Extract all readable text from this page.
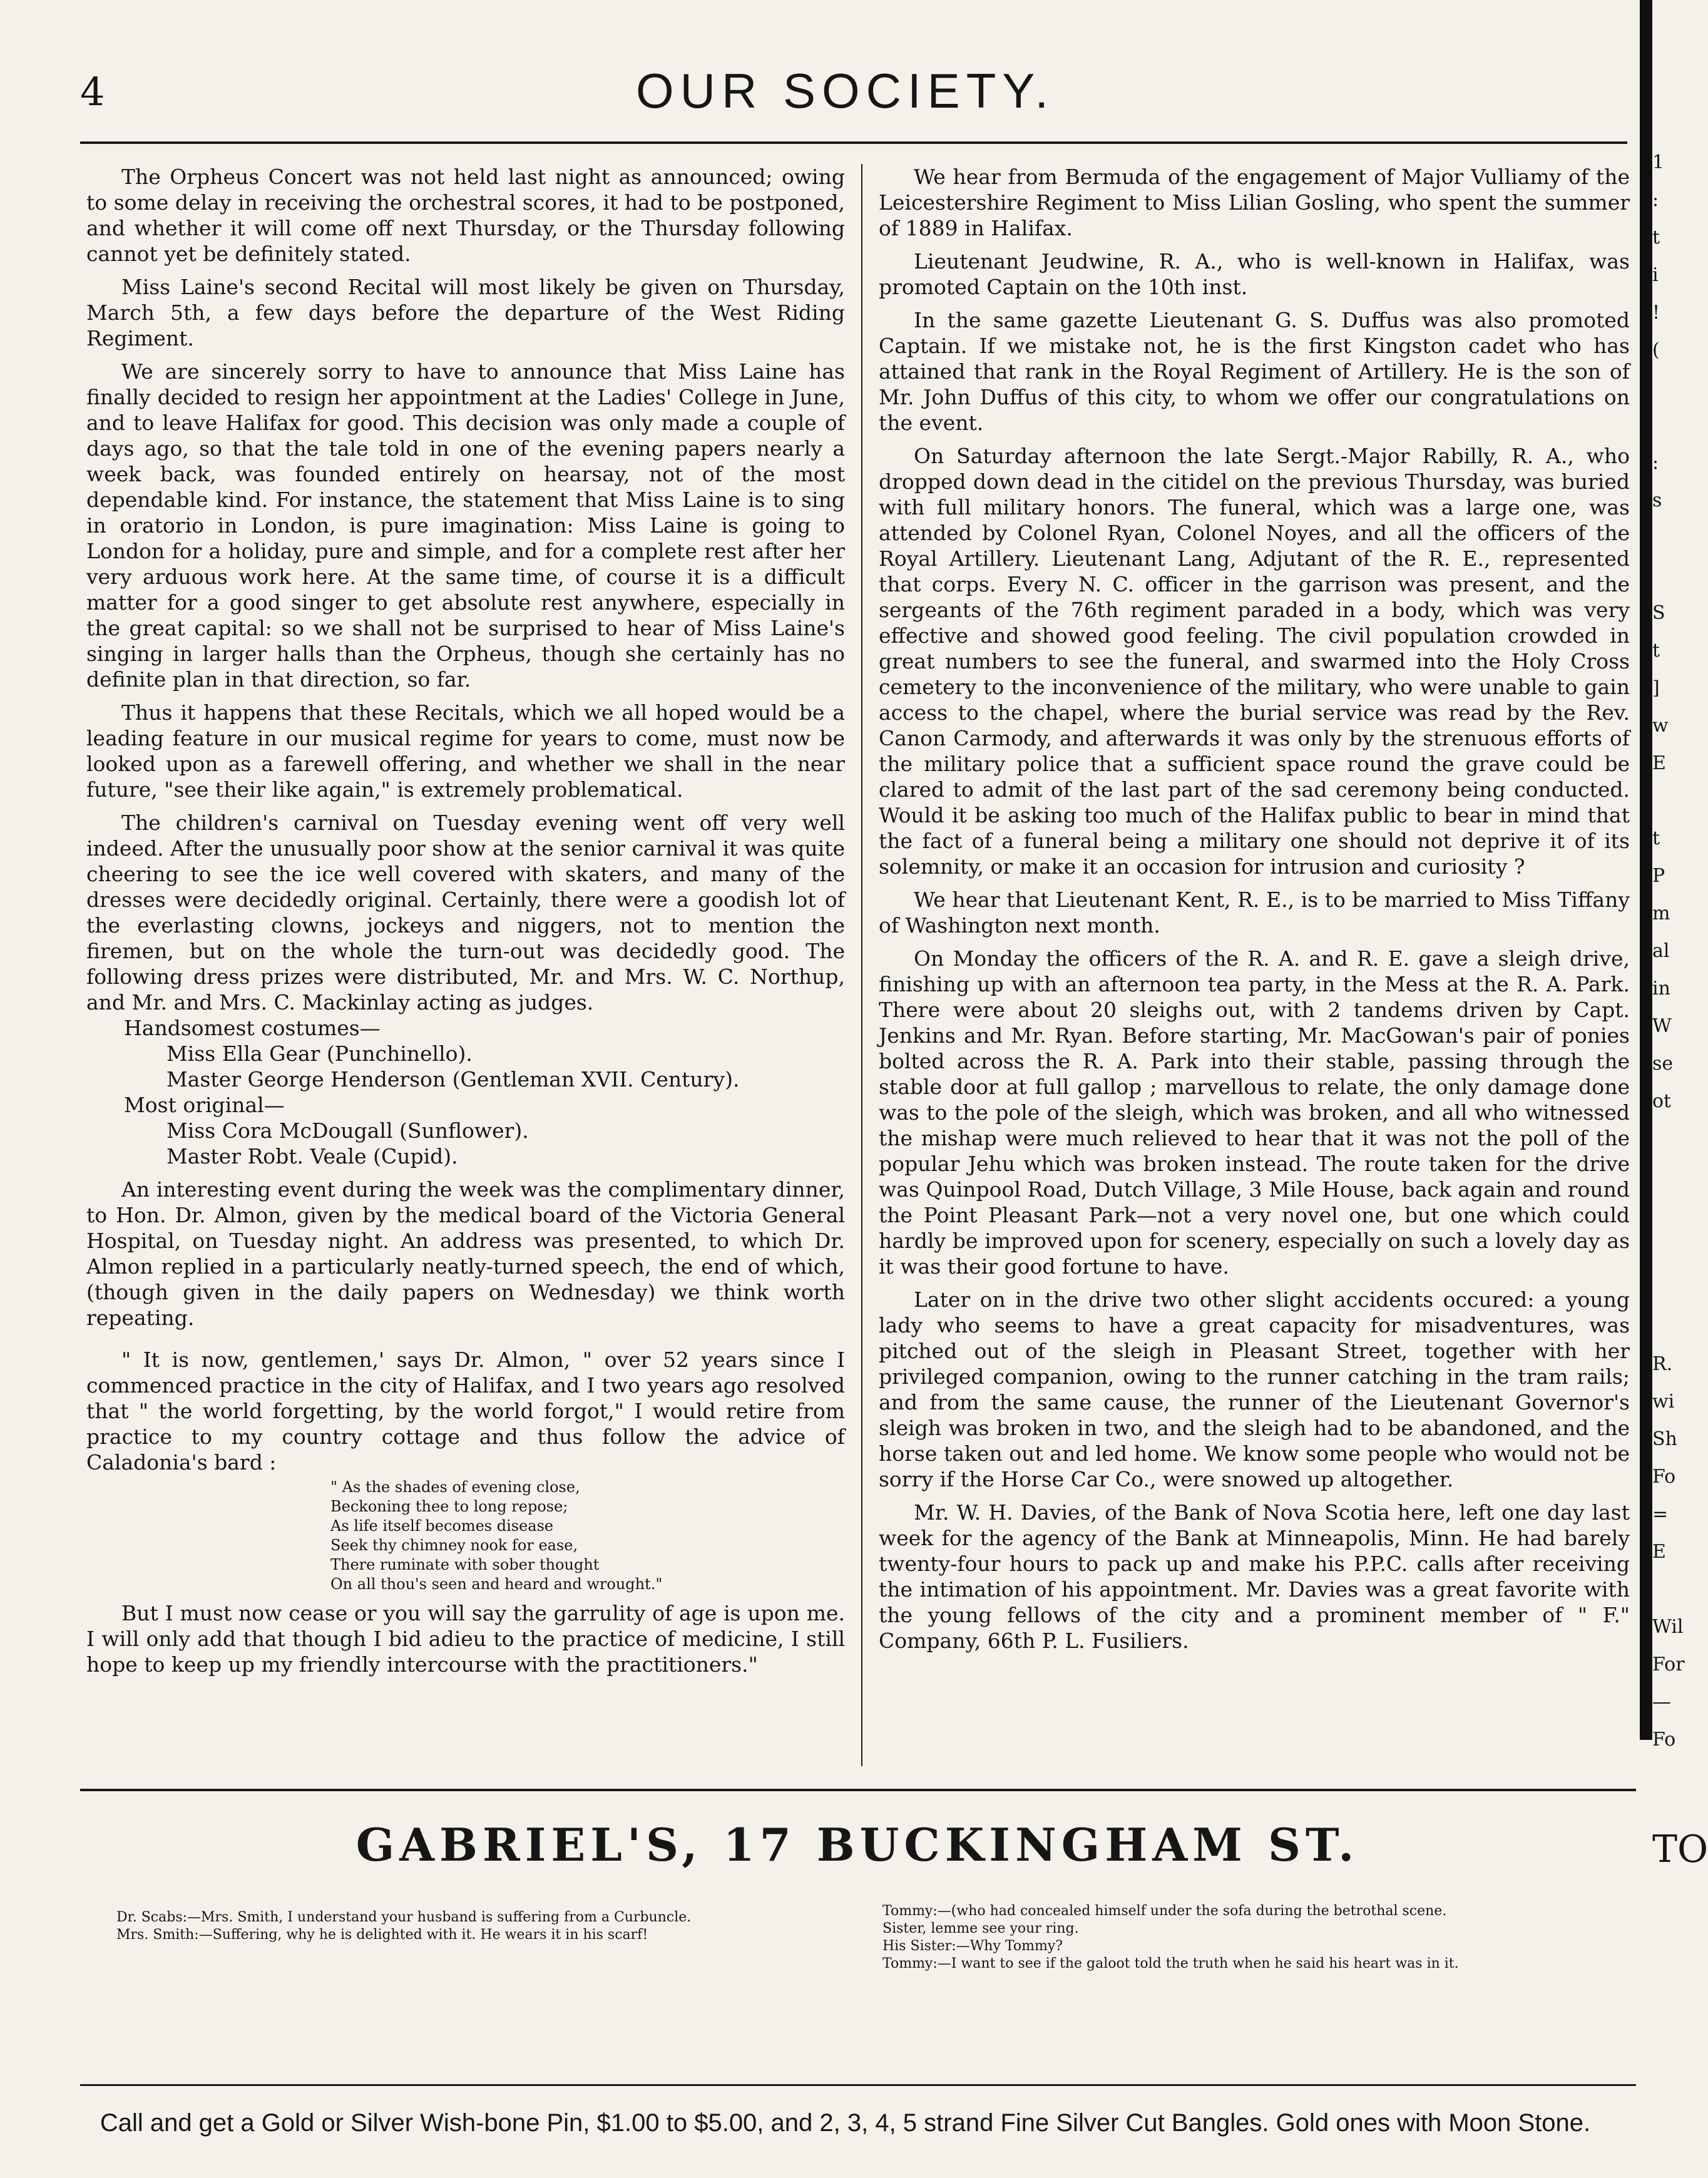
4	OUR SOCIETY.

The Orpheus Concert was not held last night as announced; owing to some delay in receiving the orchestral scores, it had to be postponed, and whether it will come off next Thursday, or the Thursday following cannot yet be definitely stated.

Miss Laine's second Recital will most likely be given on Thursday, March 5th, a few days before the departure of the West Riding Regiment.

We are sincerely sorry to have to announce that Miss Laine has finally decided to resign her appointment at the Ladies' College in June, and to leave Halifax for good. This decision was only made a couple of days ago, so that the tale told in one of the evening papers nearly a week back, was founded entirely on hearsay, not of the most dependable kind. For instance, the statement that Miss Laine is to sing in oratorio in London, is pure imagination: Miss Laine is going to London for a holiday, pure and simple, and for a complete rest after her very arduous work here. At the same time, of course it is a difficult matter for a good singer to get absolute rest anywhere, especially in the great capital: so we shall not be surprised to hear of Miss Laine's singing in larger halls than the Orpheus, though she certainly has no definite plan in that direction, so far.

Thus it happens that these Recitals, which we all hoped would be a leading feature in our musical regime for years to come, must now be looked upon as a farewell offering, and whether we shall in the near future, "see their like again," is extremely problematical.

The children's carnival on Tuesday evening went off very well indeed. After the unusually poor show at the senior carnival it was quite cheering to see the ice well covered with skaters, and many of the dresses were decidedly original. Certainly, there were a goodish lot of the everlasting clowns, jockeys and niggers, not to mention the firemen, but on the whole the turn-out was decidedly good. The following dress prizes were distributed, Mr. and Mrs. W. C. Northup, and Mr. and Mrs. C. Mackinlay acting as judges.

Handsomest costumes—

Miss Ella Gear (Punchinello).

Master George Henderson (Gentleman XVII. Century).

Most original—

Miss Cora McDougall (Sunflower).

Master Robt. Veale (Cupid).

An interesting event during the week was the complimentary dinner, to Hon. Dr. Almon, given by the medical board of the Victoria General Hospital, on Tuesday night. An address was presented, to which Dr. Almon replied in a particularly neatly-turned speech, the end of which, (though given in the daily papers on Wednesday) we think worth repeating.

" It is now, gentlemen,' says Dr. Almon, " over 52 years since I commenced practice in the city of Halifax, and I two years ago resolved that " the world forgetting, by the world forgot," I would retire from practice to my country cottage and thus follow the advice of Caladonia's bard :

" As the shades of evening close,
Beckoning thee to long repose;
As life itself becomes disease
Seek thy chimney nook for ease,
There ruminate with sober thought
On all thou's seen and heard and wrought."

But I must now cease or you will say the garrulity of age is upon me. I will only add that though I bid adieu to the practice of medicine, I still hope to keep up my friendly intercourse with the practitioners."

We hear from Bermuda of the engagement of Major Vulliamy of the Leicestershire Regiment to Miss Lilian Gosling, who spent the summer of 1889 in Halifax.

Lieutenant Jeudwine, R. A., who is well-known in Halifax, was promoted Captain on the 10th inst.

In the same gazette Lieutenant G. S. Duffus was also promoted Captain. If we mistake not, he is the first Kingston cadet who has attained that rank in the Royal Regiment of Artillery. He is the son of Mr. John Duffus of this city, to whom we offer our congratulations on the event.

On Saturday afternoon the late Sergt.-Major Rabilly, R. A., who dropped down dead in the citidel on the previous Thursday, was buried with full military honors. The funeral, which was a large one, was attended by Colonel Ryan, Colonel Noyes, and all the officers of the Royal Artillery. Lieutenant Lang, Adjutant of the R. E., represented that corps. Every N. C. officer in the garrison was present, and the sergeants of the 76th regiment paraded in a body, which was very effective and showed good feeling. The civil population crowded in great numbers to see the funeral, and swarmed into the Holy Cross cemetery to the inconvenience of the military, who were unable to gain access to the chapel, where the burial service was read by the Rev. Canon Carmody, and afterwards it was only by the strenuous efforts of the military police that a sufficient space round the grave could be clared to admit of the last part of the sad ceremony being conducted. Would it be asking too much of the Halifax public to bear in mind that the fact of a funeral being a military one should not deprive it of its solemnity, or make it an occasion for intrusion and curiosity ?

We hear that Lieutenant Kent, R. E., is to be married to Miss Tiffany of Washington next month.

On Monday the officers of the R. A. and R. E. gave a sleigh drive, finishing up with an afternoon tea party, in the Mess at the R. A. Park. There were about 20 sleighs out, with 2 tandems driven by Capt. Jenkins and Mr. Ryan. Before starting, Mr. MacGowan's pair of ponies bolted across the R. A. Park into their stable, passing through the stable door at full gallop ; marvellous to relate, the only damage done was to the pole of the sleigh, which was broken, and all who witnessed the mishap were much relieved to hear that it was not the poll of the popular Jehu which was broken instead. The route taken for the drive was Quinpool Road, Dutch Village, 3 Mile House, back again and round the Point Pleasant Park—not a very novel one, but one which could hardly be improved upon for scenery, especially on such a lovely day as it was their good fortune to have.

Later on in the drive two other slight accidents occured: a young lady who seems to have a great capacity for misadventures, was pitched out of the sleigh in Pleasant Street, together with her privileged companion, owing to the runner catching in the tram rails; and from the same cause, the runner of the Lieutenant Governor's sleigh was broken in two, and the sleigh had to be abandoned, and the horse taken out and led home. We know some people who would not be sorry if the Horse Car Co., were snowed up altogether.

Mr. W. H. Davies, of the Bank of Nova Scotia here, left one day last week for the agency of the Bank at Minneapolis, Minn. He had barely twenty-four hours to pack up and make his P.P.C. calls after receiving the intimation of his appointment. Mr. Davies was a great favorite with the young fellows of the city and a prominent member of " F." Company, 66th P. L. Fusiliers.

1
:
t
i
!
(
:
s
S
t
]
w
E
t
P
m
al
in
W
se
ot
R.
wi
Sh
Fo
=
E
Wil
For
—
Fo
GABRIEL'S, 17 BUCKINGHAM ST.
Dr. Scabs:—Mrs. Smith, I understand your husband is suffering from a Curbuncle.
Mrs. Smith:—Suffering, why he is delighted with it. He wears it in his scarf!
Tommy:—(who had concealed himself under the sofa during the betrothal scene.
Sister, lemme see your ring.
His Sister:—Why Tommy?
Tommy:—I want to see if the galoot told the truth when he said his heart was in it.
Call and get a Gold or Silver Wish-bone Pin, $1.00 to $5.00, and 2, 3, 4, 5 strand Fine Silver Cut Bangles. Gold ones with Moon Stone.
TO
